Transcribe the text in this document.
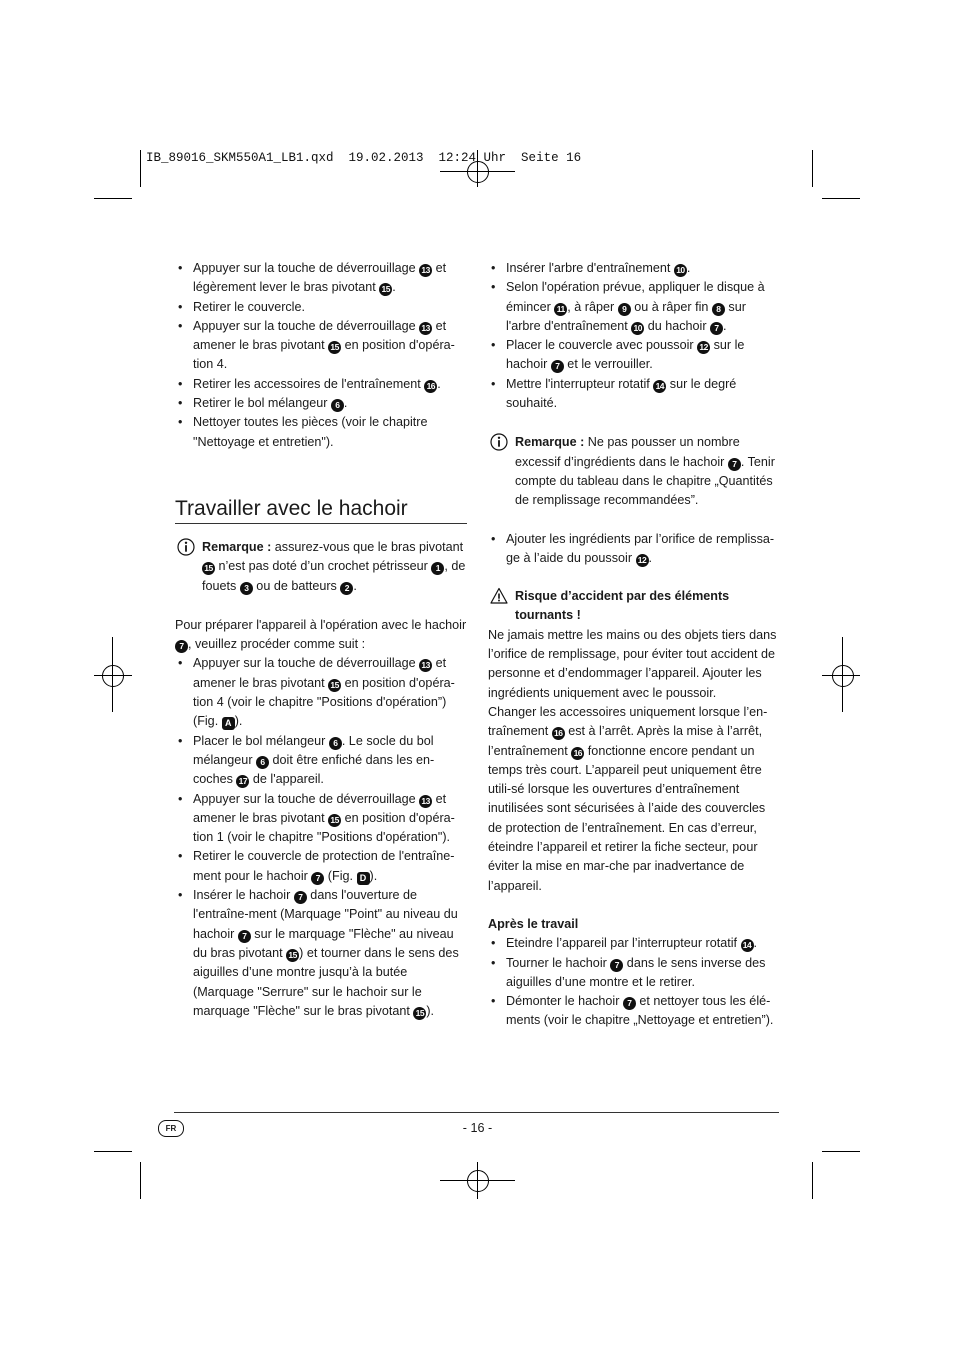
IB_89016_SKM550A1_LB1.qxd  19.02.2013  12:24 Uhr  Seite 16
• Appuyer sur la touche de déverrouillage 13 et légèrement lever le bras pivotant 15 .
• Retirer le couvercle.
• Appuyer sur la touche de déverrouillage 13 et amener le bras pivotant 15 en position d'opéra-tion 4.
• Retirer les accessoires de l'entraînement 16 .
• Retirer le bol mélangeur 6 .
• Nettoyer toutes les pièces (voir le chapitre "Nettoyage et entretien").
Travailler avec le hachoir

Remarque : assurez-vous que le bras pivotant 15 n’est pas doté d’un crochet pétrisseur 1 , de fouets 3 ou de batteurs 2 .

Pour préparer l'appareil à l'opération avec le hachoir 7 , veuillez procéder comme suit :

• Appuyer sur la touche de déverrouillage 13 et amener le bras pivotant 15 en position d'opéra-tion 4 (voir le chapitre "Positions d'opération”) (Fig. A ).
• Placer le bol mélangeur 6 . Le socle du bol mélangeur 6 doit être enfiché dans les en-coches 17 de l'appareil.
• Appuyer sur la touche de déverrouillage 13 et amener le bras pivotant 15 en position d'opéra-tion 1 (voir le chapitre "Positions d'opération").
• Retirer le couvercle de protection de l'entraîne-ment pour le hachoir 7 (Fig. D ).
• Insérer le hachoir 7 dans l'ouverture de l'entraîne-ment (Marquage "Point" au niveau du hachoir 7 sur le marquage "Flèche" au niveau du bras pivotant 15 ) et tourner dans le sens des aiguilles d’une montre jusqu’à la butée (Marquage "Serrure" sur le hachoir sur le marquage "Flèche" sur le bras pivotant 15 ).
• Insérer l'arbre d'entraînement 10 .
• Selon l'opération prévue, appliquer le disque à émincer 11 , à râper 9 ou à râper fin 8 sur l'arbre d'entraînement 10 du hachoir 7 .
• Placer le couvercle avec poussoir 12 sur le hachoir 7 et le verrouiller.
• Mettre l'interrupteur rotatif 14 sur le degré souhaité.

Remarque : Ne pas pousser un nombre excessif d’ingrédients dans le hachoir 7 . Tenir compte du tableau dans le chapitre „Quantités de remplissage recommandées”.

• Ajouter les ingrédients par l’orifice de remplissa-ge à l’aide du poussoir 12 .

Risque d’accident par des éléments tournants !

Ne jamais mettre les mains ou des objets tiers dans l’orifice de remplissage, pour éviter tout accident de personne et d’endommager l’appareil. Ajouter les ingrédients uniquement avec le poussoir.

Changer les accessoires uniquement lorsque l’en-traînement 16 est à l’arrêt. Après la mise à l’arrêt, l’entraînement 16 fonctionne encore pendant un temps très court. L’appareil peut uniquement être utili-sé lorsque les ouvertures d’entraînement inutilisées sont sécurisées à l’aide des couvercles de protection de l’entraînement. En cas d’erreur, éteindre l’appareil et retirer la fiche secteur, pour éviter la mise en mar-che par inadvertance de l’appareil.

Après le travail

• Eteindre l’appareil par l’interrupteur rotatif 14 .
• Tourner le hachoir 7 dans le sens inverse des aiguilles d’une montre et le retirer.
• Démonter le hachoir 7 et nettoyer tous les élé-ments (voir le chapitre „Nettoyage et entretien”).
FR	- 16 -
